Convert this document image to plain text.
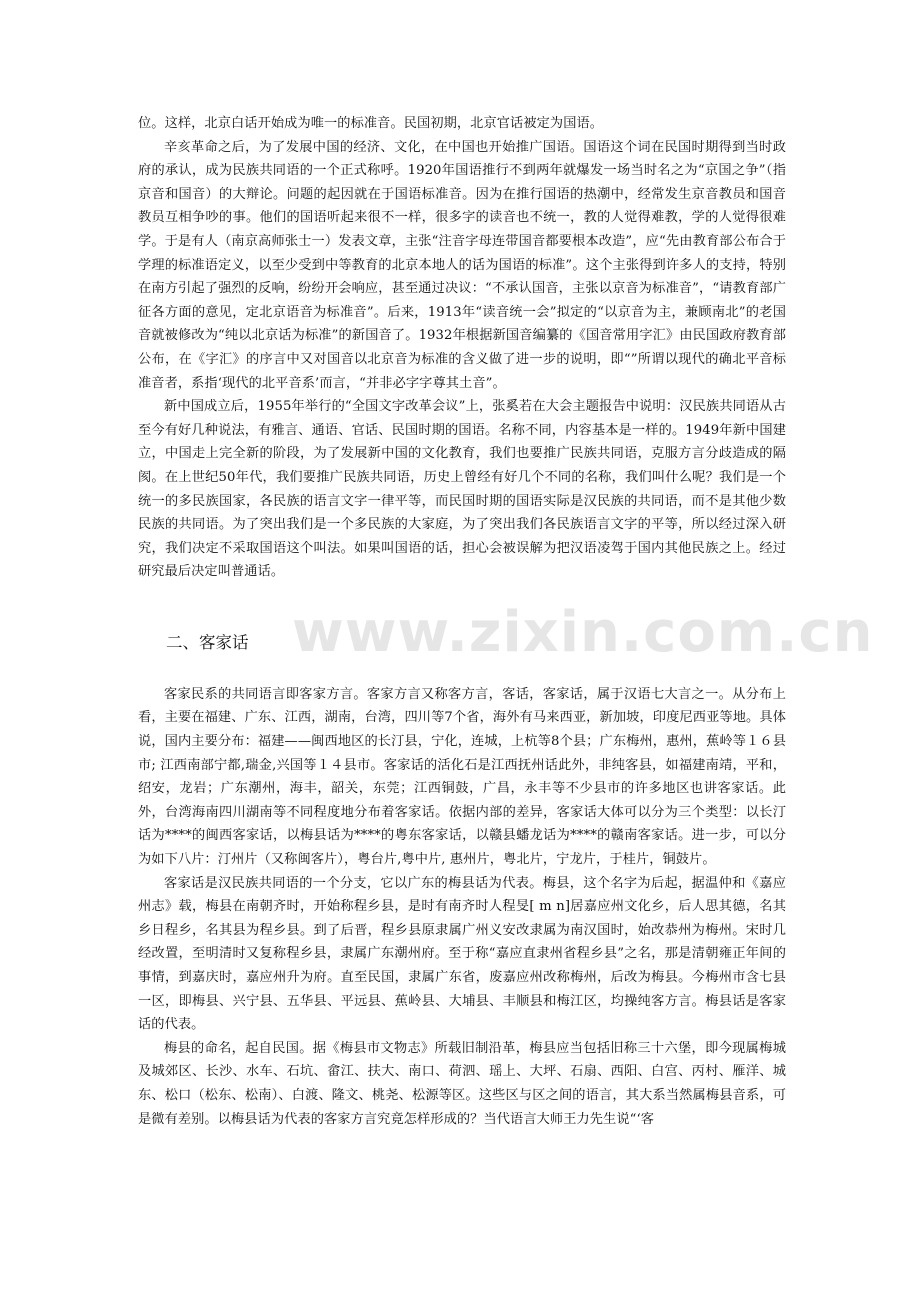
www.zixin.com.cn

位。这样，北京白话开始成为唯一的标准音。民国初期，北京官话被定为国语。

辛亥革命之后，为了发展中国的经济、文化，在中国也开始推广国语。国语这个词在民国时期得到当时政府的承认，成为民族共同语的一个正式称呼。1920年国语推行不到两年就爆发一场当时名之为“京国之争”（指京音和国音）的大辩论。问题的起因就在于国语标准音。因为在推行国语的热潮中，经常发生京音教员和国音教员互相争吵的事。他们的国语听起来很不一样，很多字的读音也不统一，教的人觉得难教，学的人觉得很难学。于是有人（南京高师张士一）发表文章，主张“注音字母连带国音都要根本改造”，应“先由教育部公布合于学理的标准语定义，以至少受到中等教育的北京本地人的话为国语的标准”。这个主张得到许多人的支持，特别在南方引起了强烈的反响，纷纷开会响应，甚至通过决议：“不承认国音，主张以京音为标准音”，“请教育部广征各方面的意见，定北京语音为标准音”。后来，1913年“读音统一会”拟定的“以京音为主，兼顾南北”的老国音就被修改为“纯以北京话为标准”的新国音了。1932年根据新国音编纂的《国音常用字汇》由民国政府教育部公布，在《字汇》的序言中又对国音以北京音为标准的含义做了进一步的说明，即“”所谓以现代的确北平音标准音者，系指‘现代的北平音系’而言，“并非必字字尊其土音”。

新中国成立后，1955年举行的“全国文字改革会议”上，张奚若在大会主题报告中说明：汉民族共同语从古至今有好几种说法，有雅言、通语、官话、民国时期的国语。名称不同，内容基本是一样的。1949年新中国建立，中国走上完全新的阶段，为了发展新中国的文化教育，我们也要推广民族共同语，克服方言分歧造成的隔阂。在上世纪50年代，我们要推广民族共同语，历史上曾经有好几个不同的名称，我们叫什么呢？我们是一个统一的多民族国家，各民族的语言文字一律平等，而民国时期的国语实际是汉民族的共同语，而不是其他少数民族的共同语。为了突出我们是一个多民族的大家庭，为了突出我们各民族语言文字的平等，所以经过深入研究，我们决定不采取国语这个叫法。如果叫国语的话，担心会被误解为把汉语凌驾于国内其他民族之上。经过研究最后决定叫普通话。

二、客家话

客家民系的共同语言即客家方言。客家方言又称客方言，客话，客家话，属于汉语七大言之一。从分布上看，主要在福建、广东、江西，湖南，台湾，四川等7个省，海外有马来西亚，新加坡，印度尼西亚等地。具体说，国内主要分布：福建——闽西地区的长汀县，宁化，连城，上杭等8个县；广东梅州，惠州，蕉岭等１６县市; 江西南部宁都,瑞金,兴国等１４县市。客家话的活化石是江西抚州话此外，非纯客县，如福建南靖，平和，绍安，龙岩；广东潮州，海丰，韶关，东莞；江西铜鼓，广昌，永丰等不少县市的许多地区也讲客家话。此外，台湾海南四川湖南等不同程度地分布着客家话。依据内部的差异，客家话大体可以分为三个类型：以长汀话为****的闽西客家话，以梅县话为****的粤东客家话，以赣县蟠龙话为****的赣南客家话。进一步，可以分为如下八片：汀州片（又称闽客片），粤台片,粤中片, 惠州片，粤北片，宁龙片，于桂片，铜鼓片。

客家话是汉民族共同语的一个分支，它以广东的梅县话为代表。梅县，这个名字为后起，据温仲和《嘉应州志》载，梅县在南朝齐时，开始称程乡县，是时有南齐时人程旻[ m n]居嘉应州文化乡，后人思其德，名其乡日程乡，名其县为程乡县。到了后晋，程乡县原隶属广州义安改隶属为南汉国时，始改恭州为梅州。宋时几经改置，至明清时又复称程乡县，隶属广东潮州府。至于称“嘉应直隶州省程乡县”之名，那是清朝雍正年间的事情，到嘉庆时，嘉应州升为府。直至民国，隶属广东省，废嘉应州改称梅州，后改为梅县。今梅州市含七县一区，即梅县、兴宁县、五华县、平远县、蕉岭县、大埔县、丰顺县和梅江区，均操纯客方言。梅县话是客家话的代表。

梅县的命名，起自民国。据《梅县市文物志》所载旧制沿革，梅县应当包括旧称三十六堡，即今现属梅城及城郊区、长沙、水车、石坑、畲江、扶大、南口、荷泗、瑶上、大坪、石扇、西阳、白宫、丙村、雁洋、城东、松口（松东、松南）、白渡、隆文、桃尧、松源等区。这些区与区之间的语言，其大系当然属梅县音系，可是微有差别。以梅县话为代表的客家方言究竟怎样形成的？当代语言大师王力先生说“‘客
